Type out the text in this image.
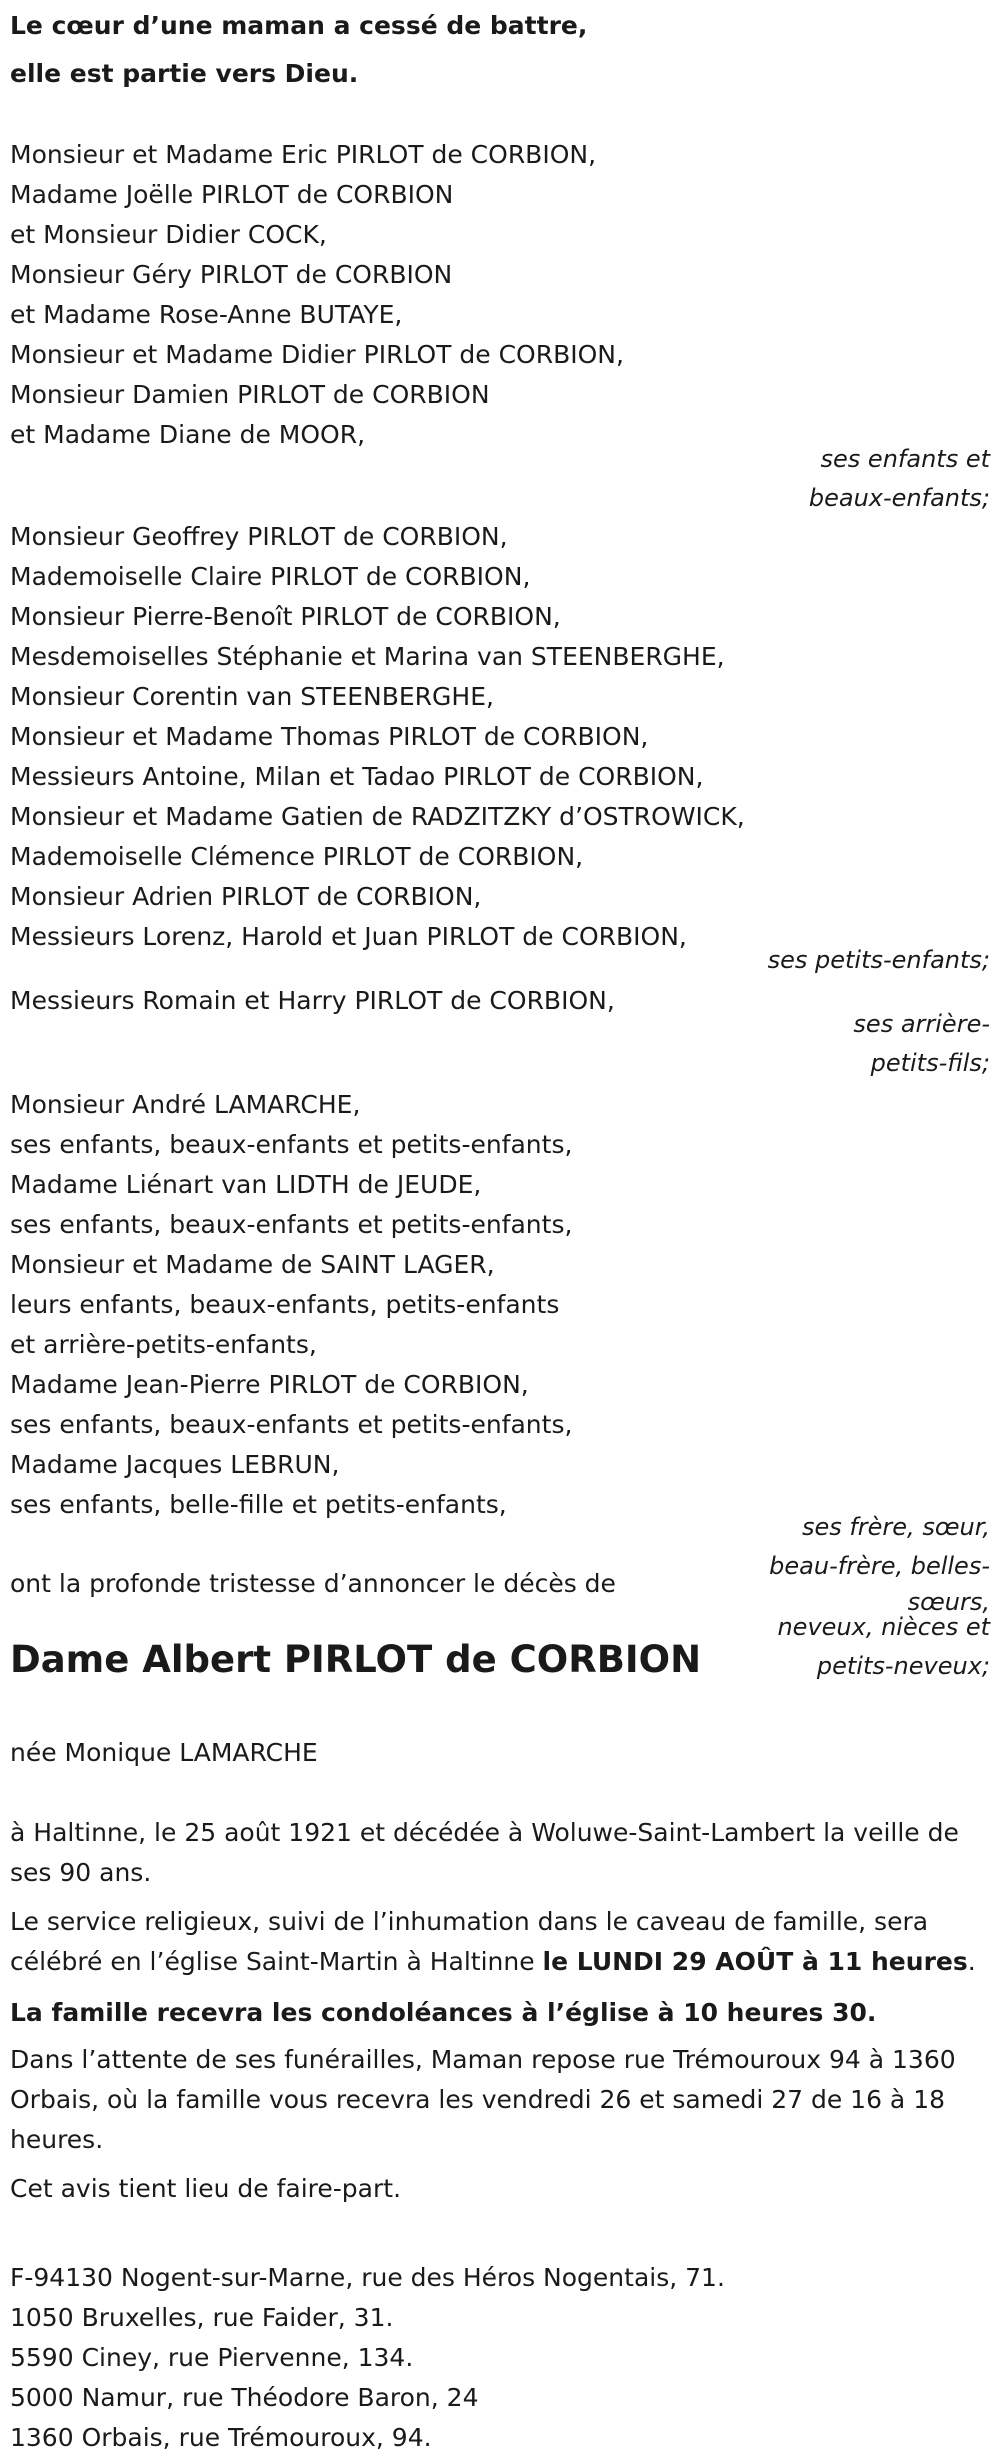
Le cœur d’une maman a cessé de battre,
elle est partie vers Dieu.
Monsieur et Madame Eric PIRLOT de CORBION,
Madame Joëlle PIRLOT de CORBION
et Monsieur Didier COCK,
Monsieur Géry PIRLOT de CORBION
et Madame Rose-Anne BUTAYE,
Monsieur et Madame Didier PIRLOT de CORBION,
Monsieur Damien PIRLOT de CORBION
et Madame Diane de MOOR,
ses enfants et
beaux-enfants;
Monsieur Geoffrey PIRLOT de CORBION,
Mademoiselle Claire PIRLOT de CORBION,
Monsieur Pierre-Benoît PIRLOT de CORBION,
Mesdemoiselles Stéphanie et Marina van STEENBERGHE,
Monsieur Corentin van STEENBERGHE,
Monsieur et Madame Thomas PIRLOT de CORBION,
Messieurs Antoine, Milan et Tadao PIRLOT de CORBION,
Monsieur et Madame Gatien de RADZITZKY d’OSTROWICK,
Mademoiselle Clémence PIRLOT de CORBION,
Monsieur Adrien PIRLOT de CORBION,
Messieurs Lorenz, Harold et Juan PIRLOT de CORBION,
ses petits-enfants;
Messieurs Romain et Harry PIRLOT de CORBION,
ses arrière-
petits-fils;
Monsieur André LAMARCHE,
ses enfants, beaux-enfants et petits-enfants,
Madame Liénart van LIDTH de JEUDE,
ses enfants, beaux-enfants et petits-enfants,
Monsieur et Madame de SAINT LAGER,
leurs enfants, beaux-enfants, petits-enfants
et arrière-petits-enfants,
Madame Jean-Pierre PIRLOT de CORBION,
ses enfants, beaux-enfants et petits-enfants,
Madame Jacques LEBRUN,
ses enfants, belle-fille et petits-enfants,
ses frère, sœur,
beau-frère, belles-
sœurs,
neveux, nièces et
petits-neveux;
ont la profonde tristesse d’annoncer le décès de
Dame Albert PIRLOT de CORBION
née Monique LAMARCHE
à Haltinne, le 25 août 1921 et décédée à Woluwe-Saint-Lambert la veille de ses 90 ans.
Le service religieux, suivi de l’inhumation dans le caveau de famille, sera célébré en l’église Saint-Martin à Haltinne le LUNDI 29 AOÛT à 11 heures.
La famille recevra les condoléances à l’église à 10 heures 30.
Dans l’attente de ses funérailles, Maman repose rue Trémouroux 94 à 1360 Orbais, où la famille vous recevra les vendredi 26 et samedi 27 de 16 à 18 heures.
Cet avis tient lieu de faire-part.
F-94130 Nogent-sur-Marne, rue des Héros Nogentais, 71.
1050 Bruxelles, rue Faider, 31.
5590 Ciney, rue Piervenne, 134.
5000 Namur, rue Théodore Baron, 24
1360 Orbais, rue Trémouroux, 94.
